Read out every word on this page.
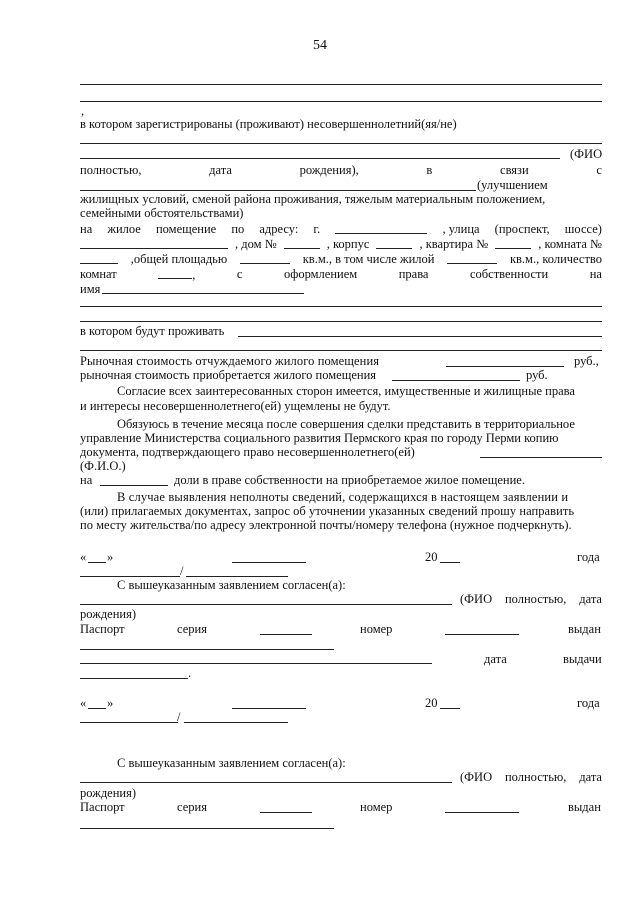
54
,
в котором зарегистрированы (проживают) несовершеннолетний(яя/не)
(ФИО
полностью,	дата	рождения),	в	связи	с
(улучшением
жилищных условий, сменой района проживания, тяжелым материальным положением,
семейными обстоятельствами)
на жилое помещение по адресу: г.	, улица (проспект, шоссе)
, дом №	, корпус	, квартира №	, комната №
,общей площадью	кв.м., в том числе жилой	кв.м., количество
комнат	,	с	оформлением	права	собственности	на
имя
в котором будут проживать
Рыночная стоимость отчуждаемого жилого помещения	руб.,
рыночная стоимость приобретается жилого помещения	руб.
Согласие всех заинтересованных сторон имеется, имущественные и жилищные права
и интересы несовершеннолетнего(ей) ущемлены не будут.
Обязуюсь в течение месяца после совершения сделки представить в территориальное
управление Министерства социального развития Пермского края по городу Перми копию
документа, подтверждающего право несовершеннолетнего(ей)
(Ф.И.О.)
на	доли в праве собственности на приобретаемое жилое помещение.
В случае выявления неполноты сведений, содержащихся в настоящем заявлении и
(или) прилагаемых документах, запрос об уточнении указанных сведений прошу направить
по месту жительства/по адресу электронной почты/номеру телефона (нужное подчеркнуть).
« »	20	года
/
С вышеуказанным заявлением согласен(а):
(ФИО полностью, дата
рождения)
Паспорт	серия	номер	выдан
дата	выдачи
.
« »	20	года
/
С вышеуказанным заявлением согласен(а):
(ФИО полностью, дата
рождения)
Паспорт	серия	номер	выдан
